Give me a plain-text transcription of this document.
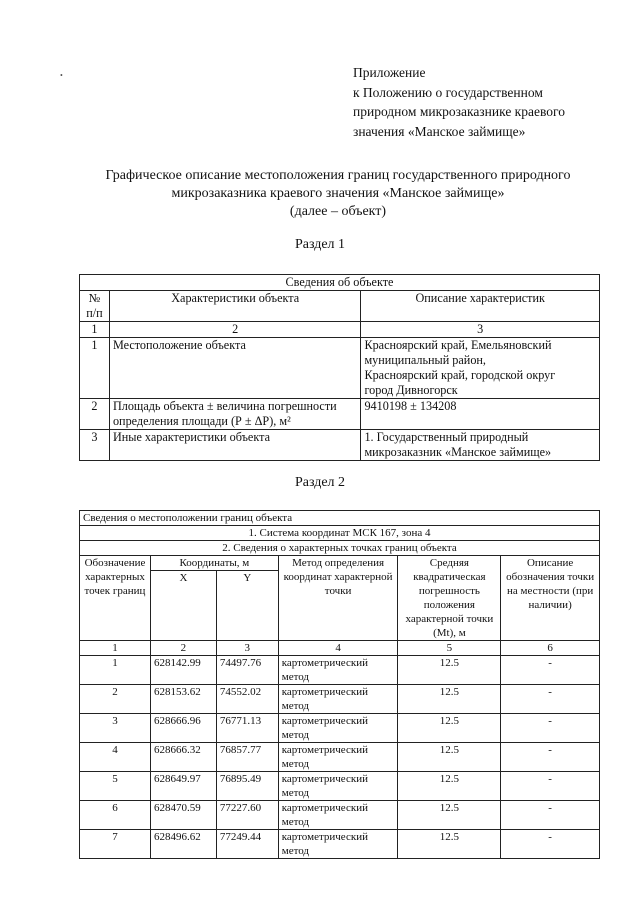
•	Приложение
к Положению о государственном
природном микрозаказнике краевого
значения «Манское займище»
Графическое описание местоположения границ государственного природного
микрозаказника краевого значения «Манское займище»
(далее – объект)
Раздел 1
Сведения об объекте		
№ п/п	Характеристики объекта	Описание характеристик
1	2	3
1	Местоположение объекта	Красноярский край, Емельяновский
муниципальный район,
Красноярский край, городской округ
город Дивногорск

2	Площадь объекта ± величина погрешности определения площади (Р ± ΔР), м²	9410198 ± 134208

3	Иные характеристики объекта	1. Государственный природный
микрозаказник «Манское займище»
Раздел 2
Сведения о местоположении границ объекта					
1. Система координат МСК 167, зона 4					
2. Сведения о характерных точках границ объекта					
Обозначение характерных точек границ	Координаты, м		Метод определения координат характерной точки	Средняя квадратическая погрешность положения характерной точки (Мt), м	Описание обозначения точки на местности (при наличии)
	X	Y			
1	2	3	4	5	6
1	628142.99	74497.76	картометрический метод	12.5	-
2	628153.62	74552.02	картометрический метод	12.5	-
3	628666.96	76771.13	картометрический метод	12.5	-
4	628666.32	76857.77	картометрический метод	12.5	-
5	628649.97	76895.49	картометрический метод	12.5	-
6	628470.59	77227.60	картометрический метод	12.5	-
7	628496.62	77249.44	картометрический метод	12.5	-
